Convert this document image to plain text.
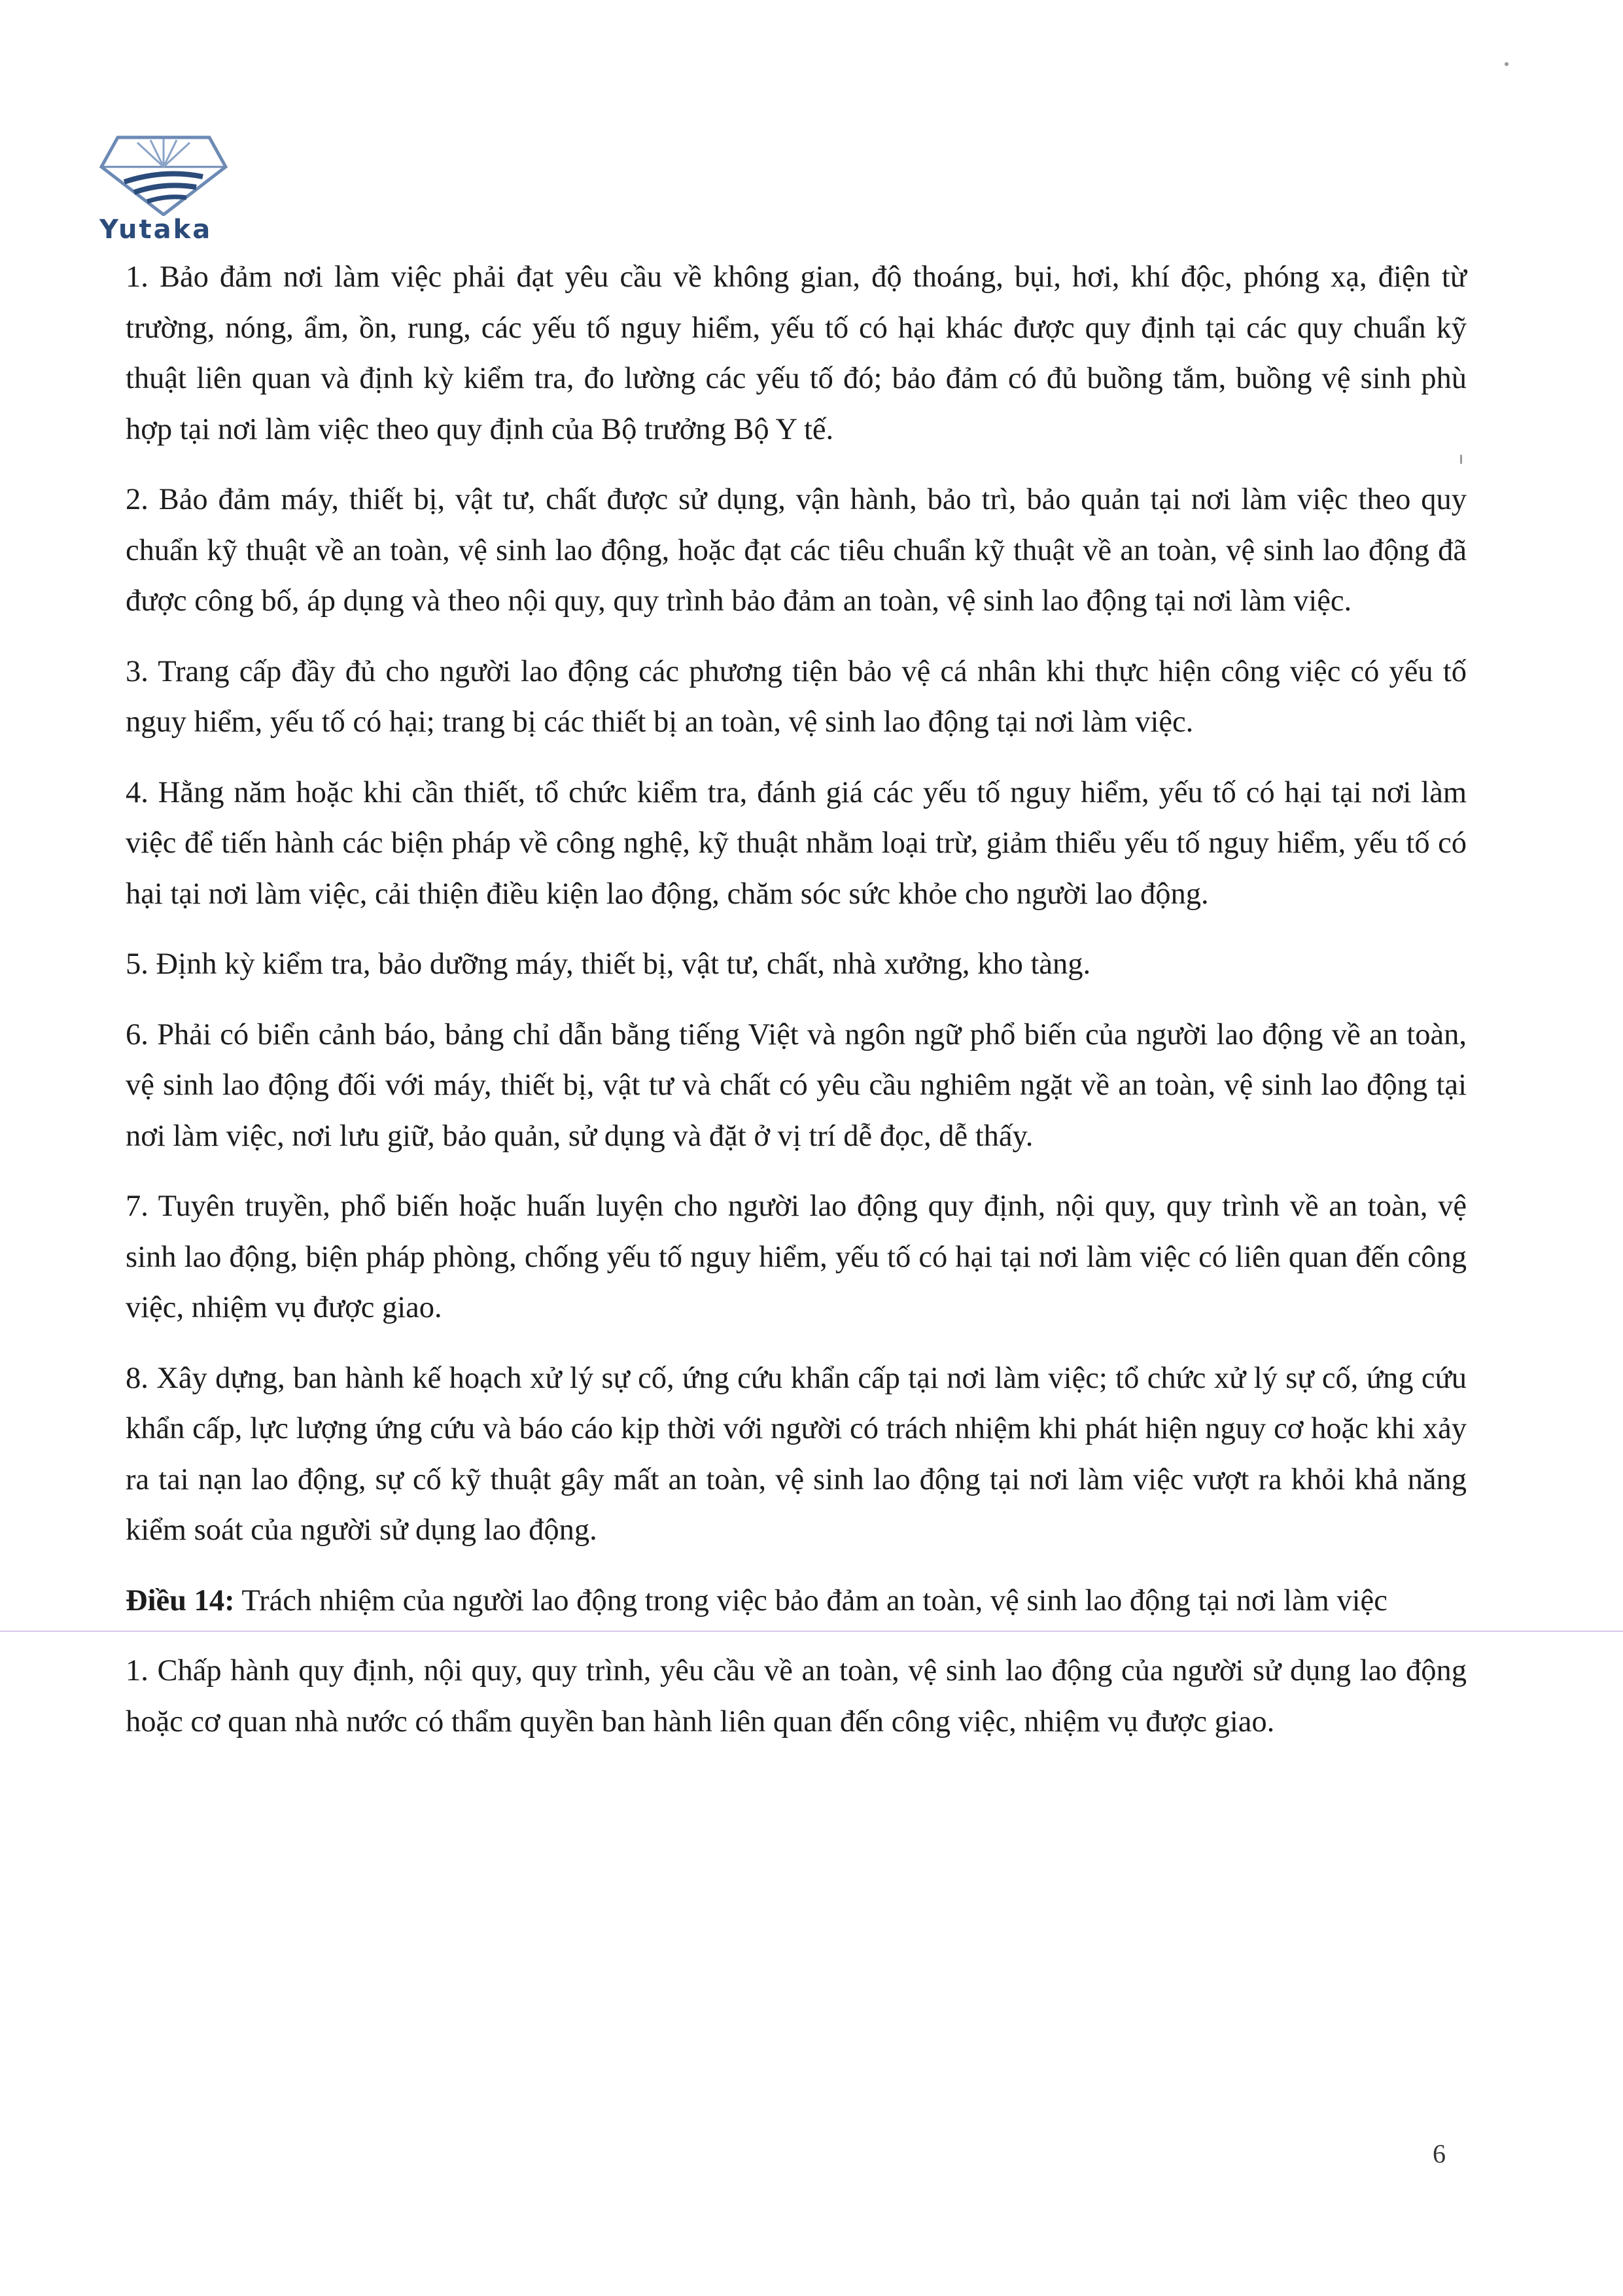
Yutaka

1. Bảo đảm nơi làm việc phải đạt yêu cầu về không gian, độ thoáng, bụi, hơi, khí độc, phóng xạ, điện từ trường, nóng, ẩm, ồn, rung, các yếu tố nguy hiểm, yếu tố có hại khác được quy định tại các quy chuẩn kỹ thuật liên quan và định kỳ kiểm tra, đo lường các yếu tố đó; bảo đảm có đủ buồng tắm, buồng vệ sinh phù hợp tại nơi làm việc theo quy định của Bộ trưởng Bộ Y tế.

2. Bảo đảm máy, thiết bị, vật tư, chất được sử dụng, vận hành, bảo trì, bảo quản tại nơi làm việc theo quy chuẩn kỹ thuật về an toàn, vệ sinh lao động, hoặc đạt các tiêu chuẩn kỹ thuật về an toàn, vệ sinh lao động đã được công bố, áp dụng và theo nội quy, quy trình bảo đảm an toàn, vệ sinh lao động tại nơi làm việc.

3. Trang cấp đầy đủ cho người lao động các phương tiện bảo vệ cá nhân khi thực hiện công việc có yếu tố nguy hiểm, yếu tố có hại; trang bị các thiết bị an toàn, vệ sinh lao động tại nơi làm việc.

4. Hằng năm hoặc khi cần thiết, tổ chức kiểm tra, đánh giá các yếu tố nguy hiểm, yếu tố có hại tại nơi làm việc để tiến hành các biện pháp về công nghệ, kỹ thuật nhằm loại trừ, giảm thiểu yếu tố nguy hiểm, yếu tố có hại tại nơi làm việc, cải thiện điều kiện lao động, chăm sóc sức khỏe cho người lao động.

5. Định kỳ kiểm tra, bảo dưỡng máy, thiết bị, vật tư, chất, nhà xưởng, kho tàng.

6. Phải có biển cảnh báo, bảng chỉ dẫn bằng tiếng Việt và ngôn ngữ phổ biến của người lao động về an toàn, vệ sinh lao động đối với máy, thiết bị, vật tư và chất có yêu cầu nghiêm ngặt về an toàn, vệ sinh lao động tại nơi làm việc, nơi lưu giữ, bảo quản, sử dụng và đặt ở vị trí dễ đọc, dễ thấy.

7. Tuyên truyền, phổ biến hoặc huấn luyện cho người lao động quy định, nội quy, quy trình về an toàn, vệ sinh lao động, biện pháp phòng, chống yếu tố nguy hiểm, yếu tố có hại tại nơi làm việc có liên quan đến công việc, nhiệm vụ được giao.

8. Xây dựng, ban hành kế hoạch xử lý sự cố, ứng cứu khẩn cấp tại nơi làm việc; tổ chức xử lý sự cố, ứng cứu khẩn cấp, lực lượng ứng cứu và báo cáo kịp thời với người có trách nhiệm khi phát hiện nguy cơ hoặc khi xảy ra tai nạn lao động, sự cố kỹ thuật gây mất an toàn, vệ sinh lao động tại nơi làm việc vượt ra khỏi khả năng kiểm soát của người sử dụng lao động.

Điều 14: Trách nhiệm của người lao động trong việc bảo đảm an toàn, vệ sinh lao động tại nơi làm việc

1. Chấp hành quy định, nội quy, quy trình, yêu cầu về an toàn, vệ sinh lao động của người sử dụng lao động hoặc cơ quan nhà nước có thẩm quyền ban hành liên quan đến công việc, nhiệm vụ được giao.

6
